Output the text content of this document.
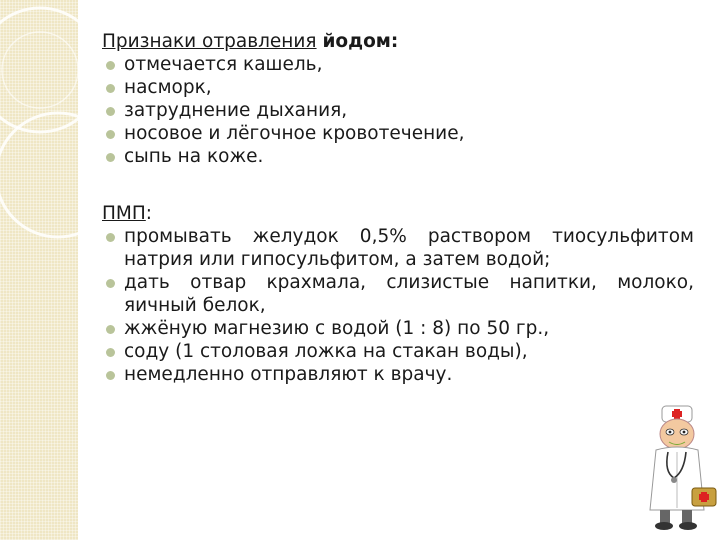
Признаки отравления йодом:

отмечается кашель,
насморк,
затруднение дыхания,
носовое и лёгочное кровотечение,
сыпь на коже.

ПМП:

промывать желудок 0,5% раствором тиосульфитом натрия или гипосульфитом, а затем водой;
дать отвар крахмала, слизистые напитки, молоко, яичный белок,
жжёную магнезию с водой (1 : 8) по 50 гр.,
соду (1 столовая ложка на стакан воды),
немедленно отправляют к врачу.
